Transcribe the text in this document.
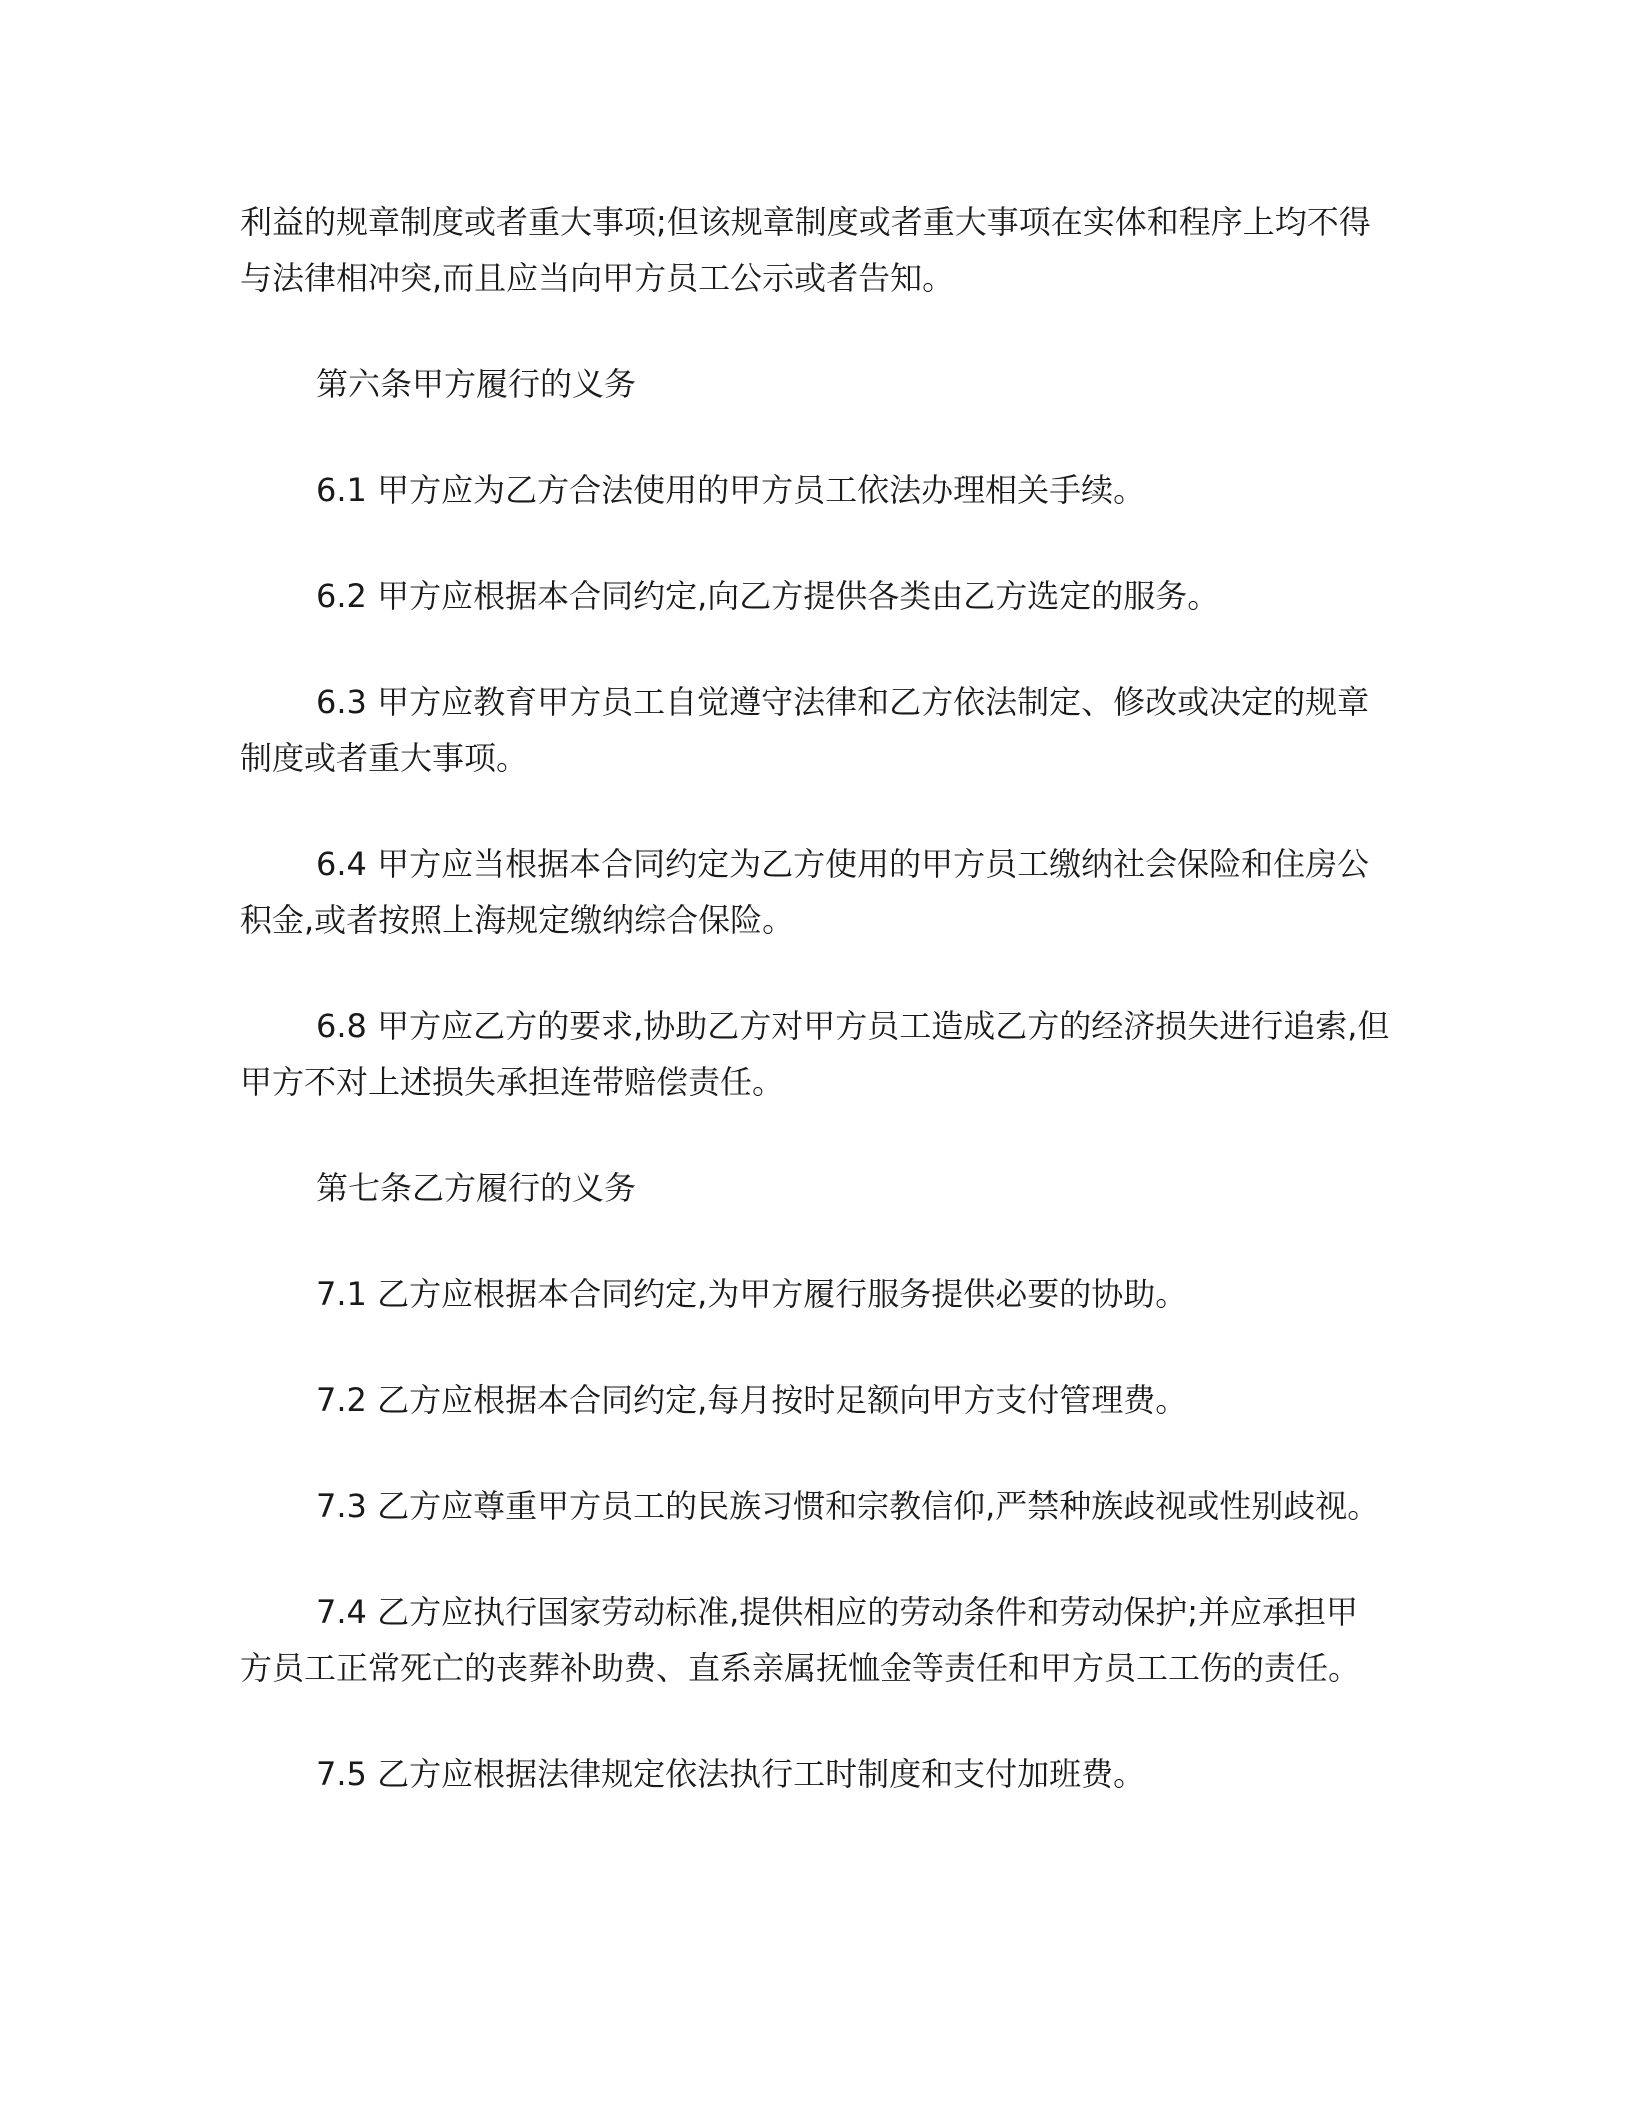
利益的规章制度或者重大事项;但该规章制度或者重大事项在实体和程序上均不得与法律相冲突,而且应当向甲方员工公示或者告知。

第六条甲方履行的义务

6.1 甲方应为乙方合法使用的甲方员工依法办理相关手续。

6.2 甲方应根据本合同约定,向乙方提供各类由乙方选定的服务。

6.3 甲方应教育甲方员工自觉遵守法律和乙方依法制定、修改或决定的规章制度或者重大事项。

6.4 甲方应当根据本合同约定为乙方使用的甲方员工缴纳社会保险和住房公积金,或者按照上海规定缴纳综合保险。

6.8 甲方应乙方的要求,协助乙方对甲方员工造成乙方的经济损失进行追索,但甲方不对上述损失承担连带赔偿责任。

第七条乙方履行的义务

7.1 乙方应根据本合同约定,为甲方履行服务提供必要的协助。

7.2 乙方应根据本合同约定,每月按时足额向甲方支付管理费。

7.3 乙方应尊重甲方员工的民族习惯和宗教信仰,严禁种族歧视或性别歧视。

7.4 乙方应执行国家劳动标准,提供相应的劳动条件和劳动保护;并应承担甲方员工正常死亡的丧葬补助费、直系亲属抚恤金等责任和甲方员工工伤的责任。

7.5 乙方应根据法律规定依法执行工时制度和支付加班费。
